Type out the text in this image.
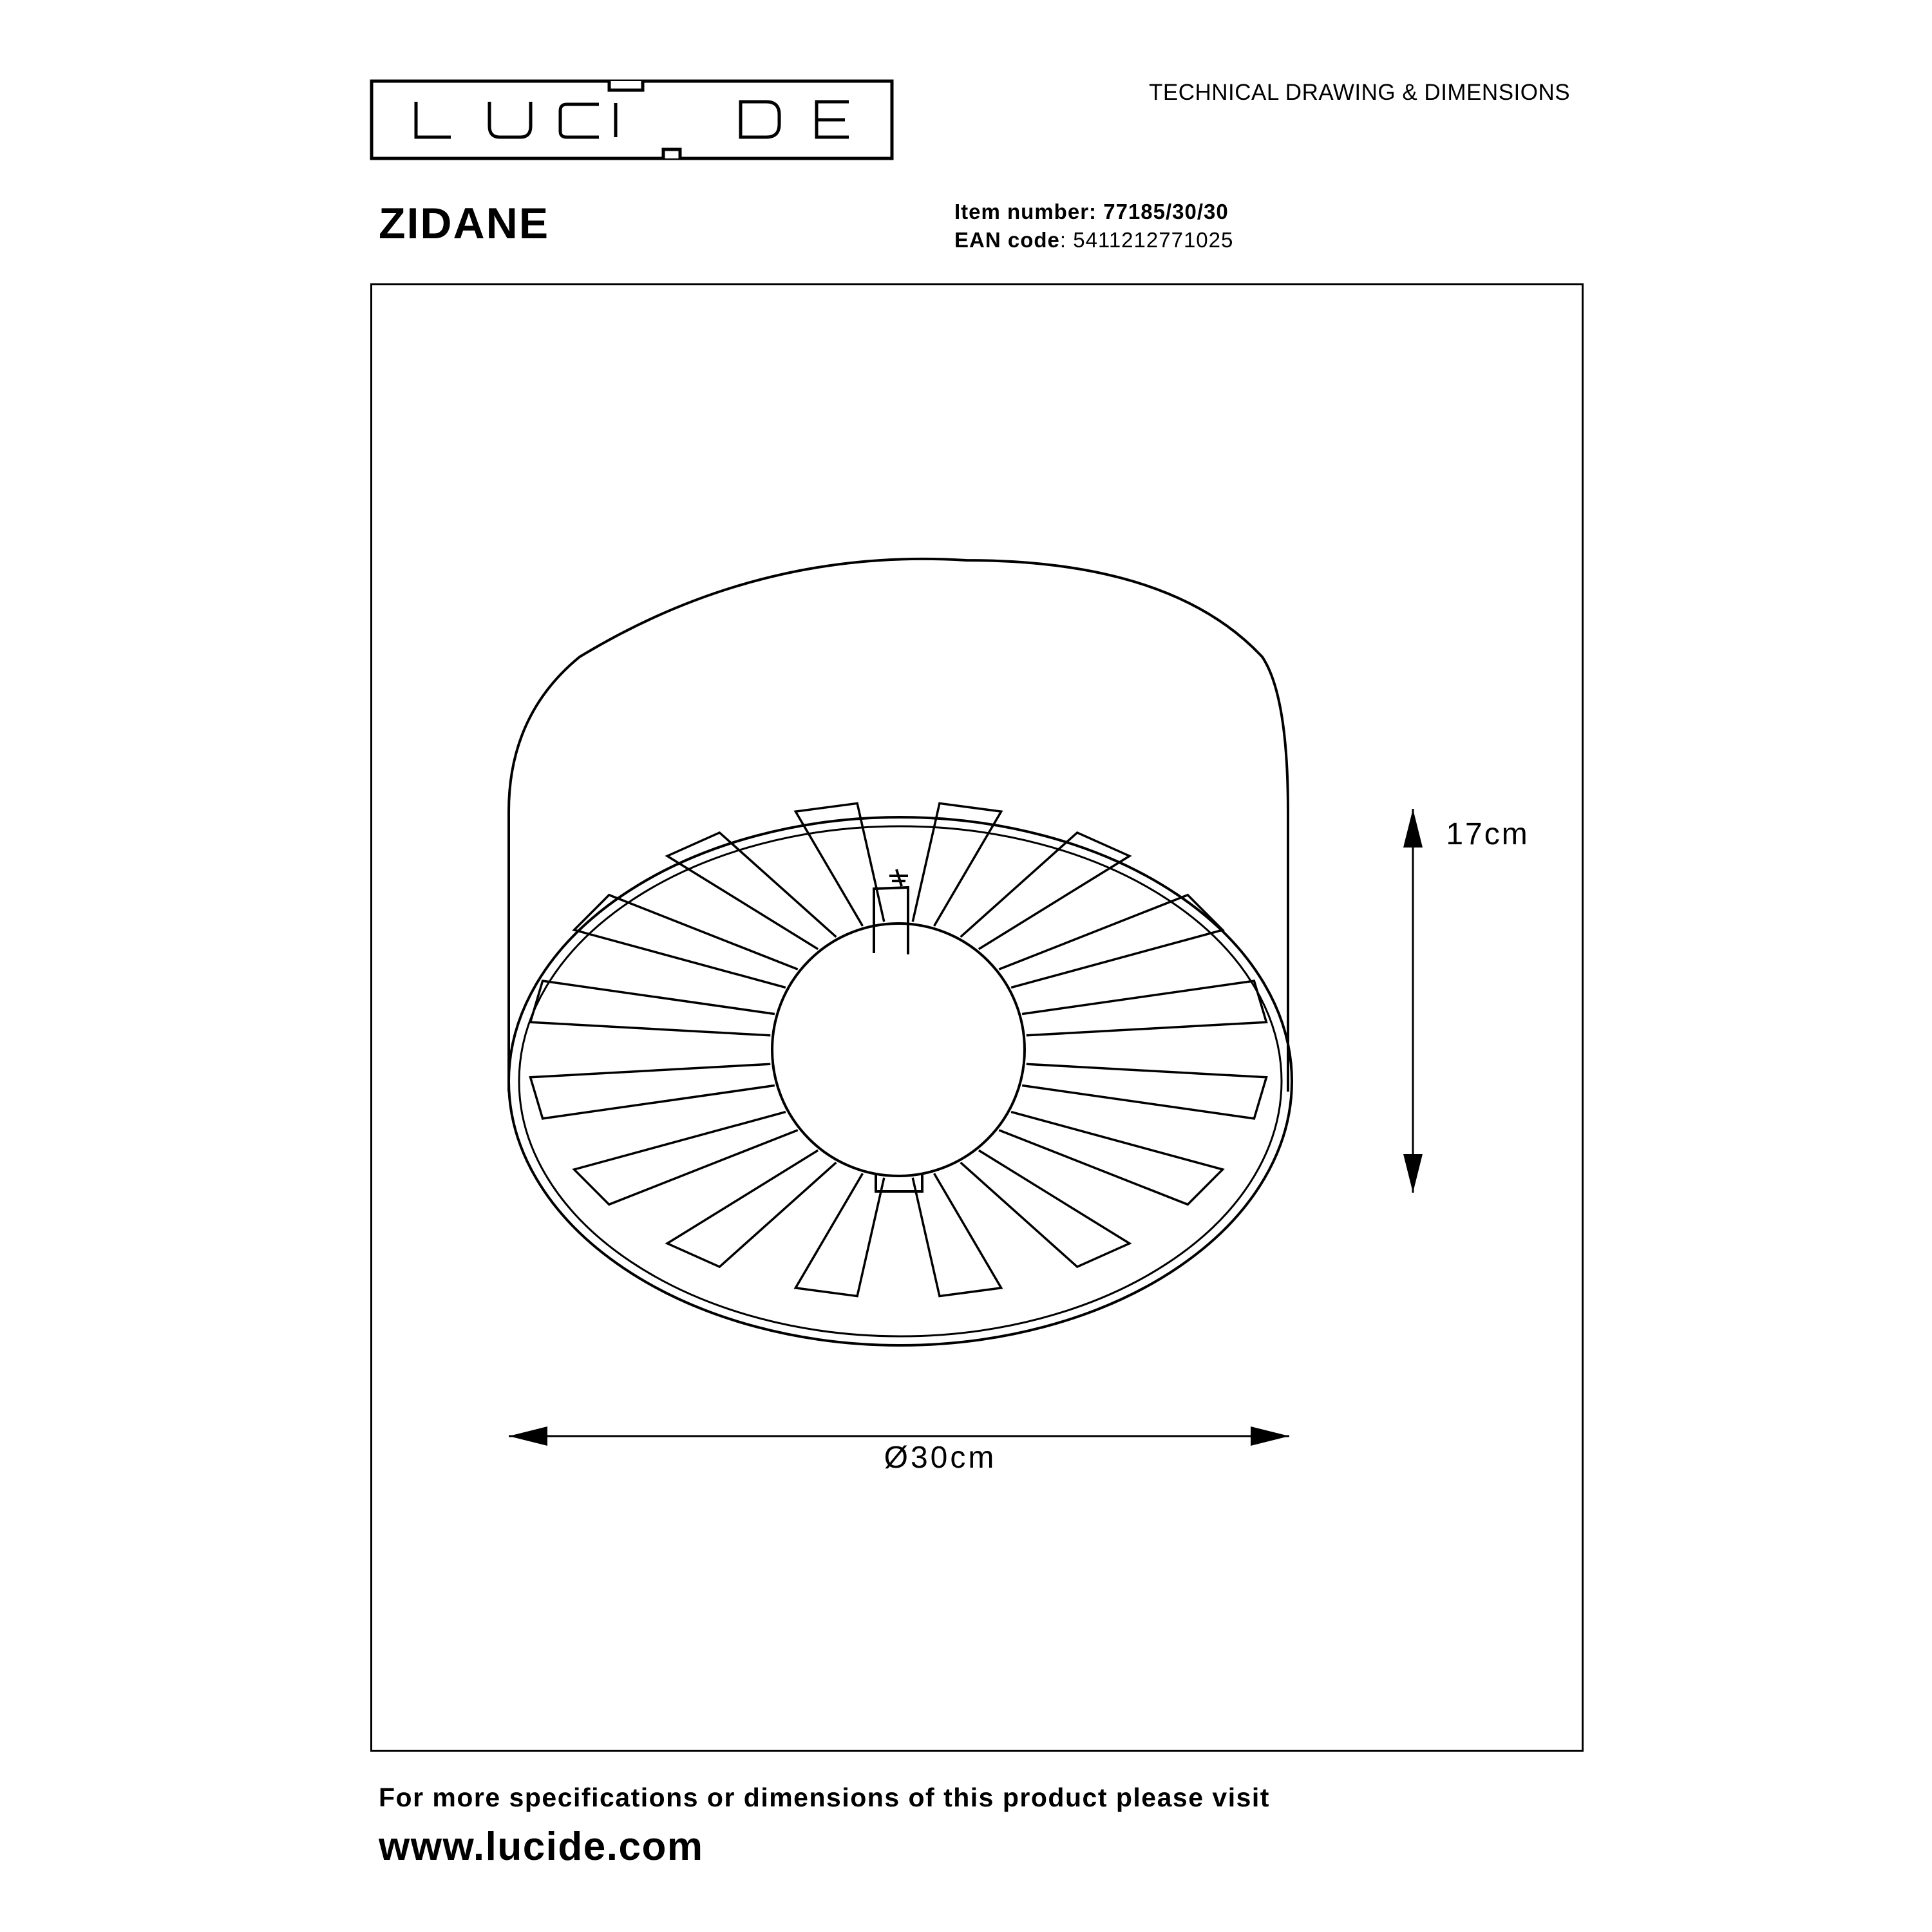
TECHNICAL DRAWING & DIMENSIONS
ZIDANE	Item number: 77185/30/30
EAN code: 5411212771025
17cm
Ø30cm
For more specifications or dimensions of this product please visit
www.lucide.com
